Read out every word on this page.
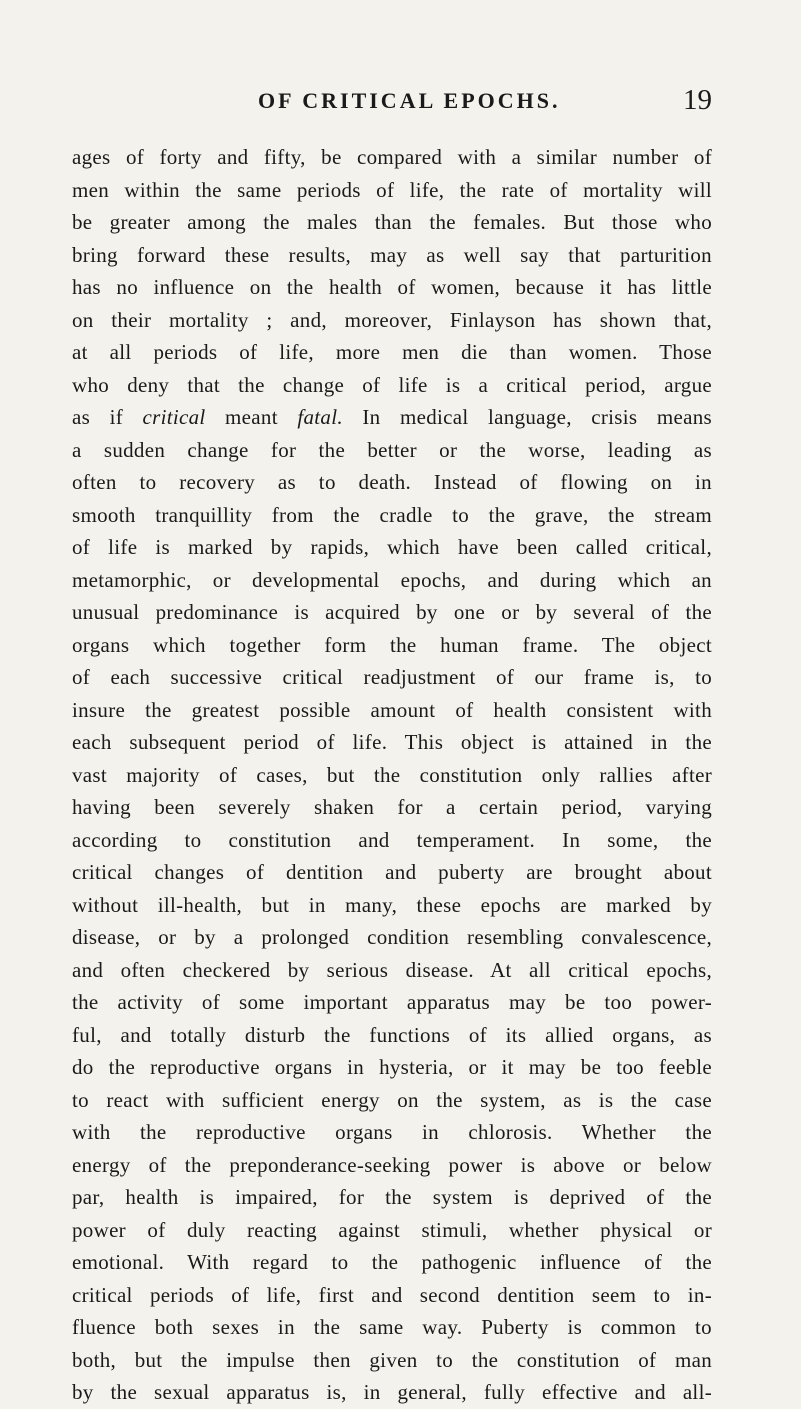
OF CRITICAL EPOCHS.	19
ages of forty and fifty, be compared with a similar number of
men within the same periods of life, the rate of mortality will
be greater among the males than the females. But those who
bring forward these results, may as well say that parturition
has no influence on the health of women, because it has little
on their mortality ; and, moreover, Finlayson has shown that,
at all periods of life, more men die than women. Those
who deny that the change of life is a critical period, argue
as if critical meant fatal. In medical language, crisis means
a sudden change for the better or the worse, leading as
often to recovery as to death. Instead of flowing on in
smooth tranquillity from the cradle to the grave, the stream
of life is marked by rapids, which have been called critical,
metamorphic, or developmental epochs, and during which an
unusual predominance is acquired by one or by several of the
organs which together form the human frame. The object
of each successive critical readjustment of our frame is, to
insure the greatest possible amount of health consistent with
each subsequent period of life. This object is attained in the
vast majority of cases, but the constitution only rallies after
having been severely shaken for a certain period, varying
according to constitution and temperament. In some, the
critical changes of dentition and puberty are brought about
without ill-health, but in many, these epochs are marked by
disease, or by a prolonged condition resembling convalescence,
and often checkered by serious disease. At all critical epochs,
the activity of some important apparatus may be too power-
ful, and totally disturb the functions of its allied organs, as
do the reproductive organs in hysteria, or it may be too feeble
to react with sufficient energy on the system, as is the case
with the reproductive organs in chlorosis. Whether the
energy of the preponderance-seeking power is above or below
par, health is impaired, for the system is deprived of the
power of duly reacting against stimuli, whether physical or
emotional. With regard to the pathogenic influence of the
critical periods of life, first and second dentition seem to in-
fluence both sexes in the same way. Puberty is common to
both, but the impulse then given to the constitution of man
by the sexual apparatus is, in general, fully effective and all-
